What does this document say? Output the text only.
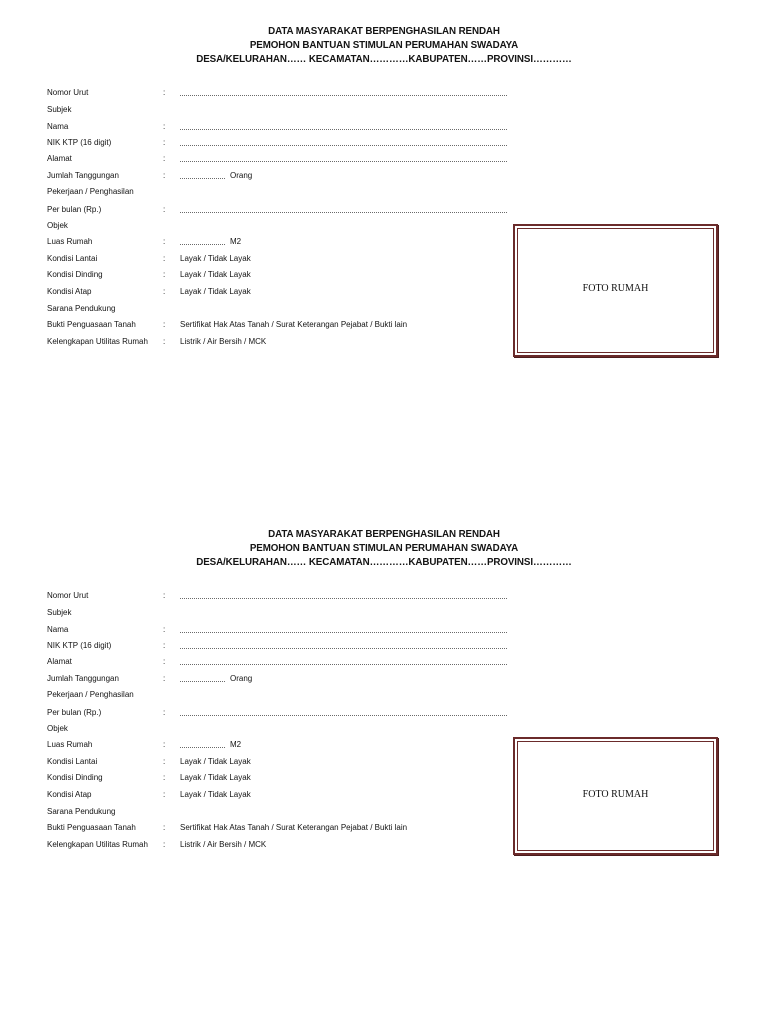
DATA MASYARAKAT BERPENGHASILAN RENDAH
PEMOHON BANTUAN STIMULAN PERUMAHAN SWADAYA
DESA/KELURAHAN…… KECAMATAN…………KABUPATEN……PROVINSI…………
Nomor Urut	:
Subjek
Nama	:
NIK KTP (16 digit)	:
Alamat	:
Jumlah Tanggungan	:	Orang
Pekerjaan / Penghasilan
Per bulan (Rp.)	:
Objek
Luas Rumah	:	M2
Kondisi Lantai	: Layak / Tidak Layak
Kondisi Dinding	: Layak / Tidak Layak
Kondisi Atap	: Layak / Tidak Layak
Sarana Pendukung
Bukti Penguasaan Tanah	: Sertifikat Hak Atas Tanah / Surat Keterangan Pejabat / Bukti lain
Kelengkapan Utilitas Rumah : Listrik / Air Bersih / MCK
FOTO RUMAH
DATA MASYARAKAT BERPENGHASILAN RENDAH
PEMOHON BANTUAN STIMULAN PERUMAHAN SWADAYA
DESA/KELURAHAN…… KECAMATAN…………KABUPATEN……PROVINSI…………
Nomor Urut	:
Subjek
Nama	:
NIK KTP (16 digit)	:
Alamat	:
Jumlah Tanggungan	:	Orang
Pekerjaan / Penghasilan
Per bulan (Rp.)	:
Objek
Luas Rumah	:	M2
Kondisi Lantai	: Layak / Tidak Layak
Kondisi Dinding	: Layak / Tidak Layak
Kondisi Atap	: Layak / Tidak Layak
Sarana Pendukung
Bukti Penguasaan Tanah	: Sertifikat Hak Atas Tanah / Surat Keterangan Pejabat / Bukti lain
Kelengkapan Utilitas Rumah : Listrik / Air Bersih / MCK
FOTO RUMAH
